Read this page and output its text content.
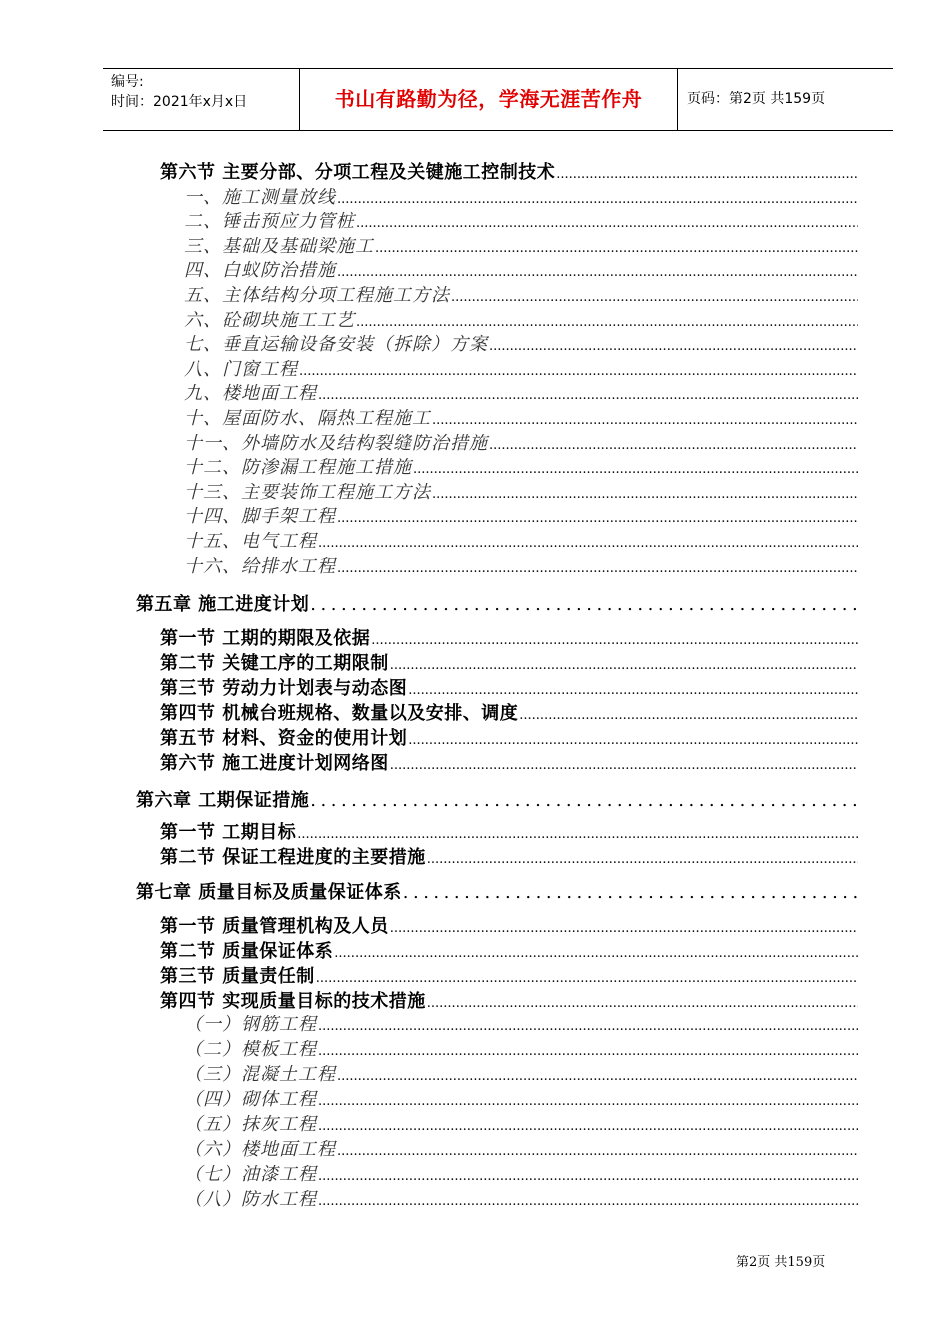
编号:
时间：2021年x月x日	书山有路勤为径，学海无涯苦作舟	页码：第2页 共159页
第六节 主要分部、分项工程及关键施工控制技术
.....
一、施工测量放线
.....
二、锤击预应力管桩
.....
三、基础及基础梁施工
.....
四、白蚁防治措施
.....
五、主体结构分项工程施工方法
.....
六、砼砌块施工工艺
.....
七、垂直运输设备安装（拆除）方案
.....
八、门窗工程
.....
九、楼地面工程
.....
十、屋面防水、隔热工程施工
.....
十一、外墙防水及结构裂缝防治措施
.....
十二、防渗漏工程施工措施
.....
十三、主要装饰工程施工方法
.....
十四、脚手架工程
.....
十五、电气工程
.....
十六、给排水工程
.....
第五章 施工进度计划
.....
第一节 工期的期限及依据
.....
第二节 关键工序的工期限制
.....
第三节 劳动力计划表与动态图
.....
第四节 机械台班规格、数量以及安排、调度
.....
第五节 材料、资金的使用计划
.....
第六节 施工进度计划网络图
.....
第六章 工期保证措施
.....
第一节 工期目标
.....
第二节 保证工程进度的主要措施
.....
第七章 质量目标及质量保证体系
.....
第一节 质量管理机构及人员
.....
第二节 质量保证体系
.....
第三节 质量责任制
.....
第四节 实现质量目标的技术措施
.....
（一）钢筋工程
.....
（二）模板工程
.....
（三）混凝土工程
.....
（四）砌体工程
.....
（五）抹灰工程
.....
（六）楼地面工程
.....
（七）油漆工程
.....
（八）防水工程
.....
第2页 共159页
